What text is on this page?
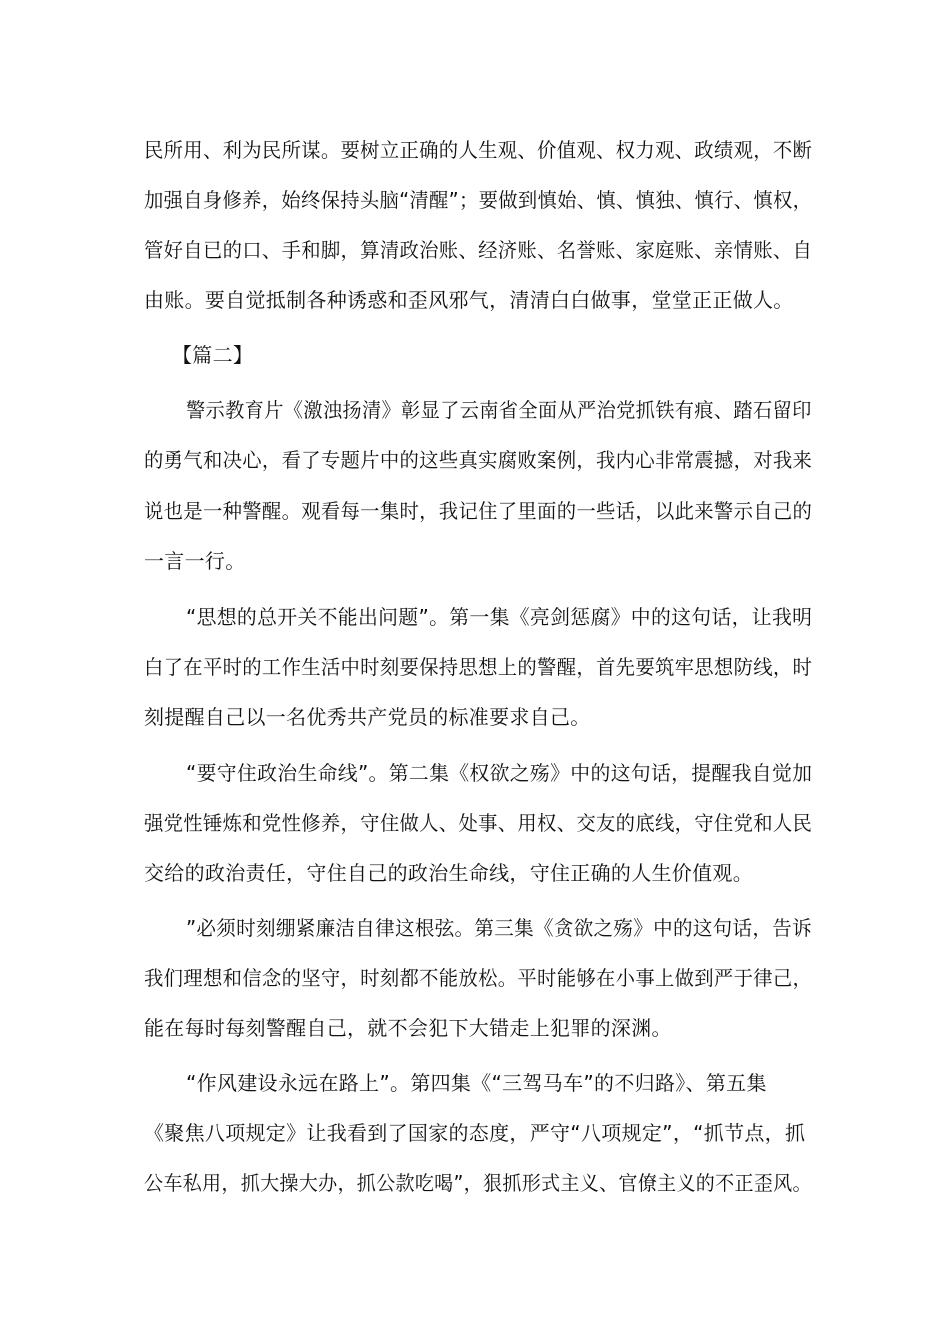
民所用、利为民所谋。要树立正确的人生观、价值观、权力观、政绩观，不断

加强自身修养，始终保持头脑“清醒”；要做到慎始、慎、慎独、慎行、慎权，

管好自已的口、手和脚，算清政治账、经济账、名誉账、家庭账、亲情账、自

由账。要自觉抵制各种诱惑和歪风邪气，清清白白做事，堂堂正正做人。

【篇二】

警示教育片《激浊扬清》彰显了云南省全面从严治党抓铁有痕、踏石留印

的勇气和决心，看了专题片中的这些真实腐败案例，我内心非常震撼，对我来

说也是一种警醒。观看每一集时，我记住了里面的一些话，以此来警示自己的

一言一行。

“思想的总开关不能出问题”。第一集《亮剑惩腐》中的这句话，让我明

白了在平时的工作生活中时刻要保持思想上的警醒，首先要筑牢思想防线，时

刻提醒自己以一名优秀共产党员的标准要求自己。

“要守住政治生命线”。第二集《权欲之殇》中的这句话，提醒我自觉加

强党性锤炼和党性修养，守住做人、处事、用权、交友的底线，守住党和人民

交给的政治责任，守住自己的政治生命线，守住正确的人生价值观。

”必须时刻绷紧廉洁自律这根弦。第三集《贪欲之殇》中的这句话，告诉

我们理想和信念的坚守，时刻都不能放松。平时能够在小事上做到严于律己，

能在每时每刻警醒自己，就不会犯下大错走上犯罪的深渊。

“作风建设永远在路上”。第四集《“三驾马车”的不归路》、第五集

《聚焦八项规定》让我看到了国家的态度，严守“八项规定”，“抓节点，抓

公车私用，抓大操大办，抓公款吃喝”，狠抓形式主义、官僚主义的不正歪风。
